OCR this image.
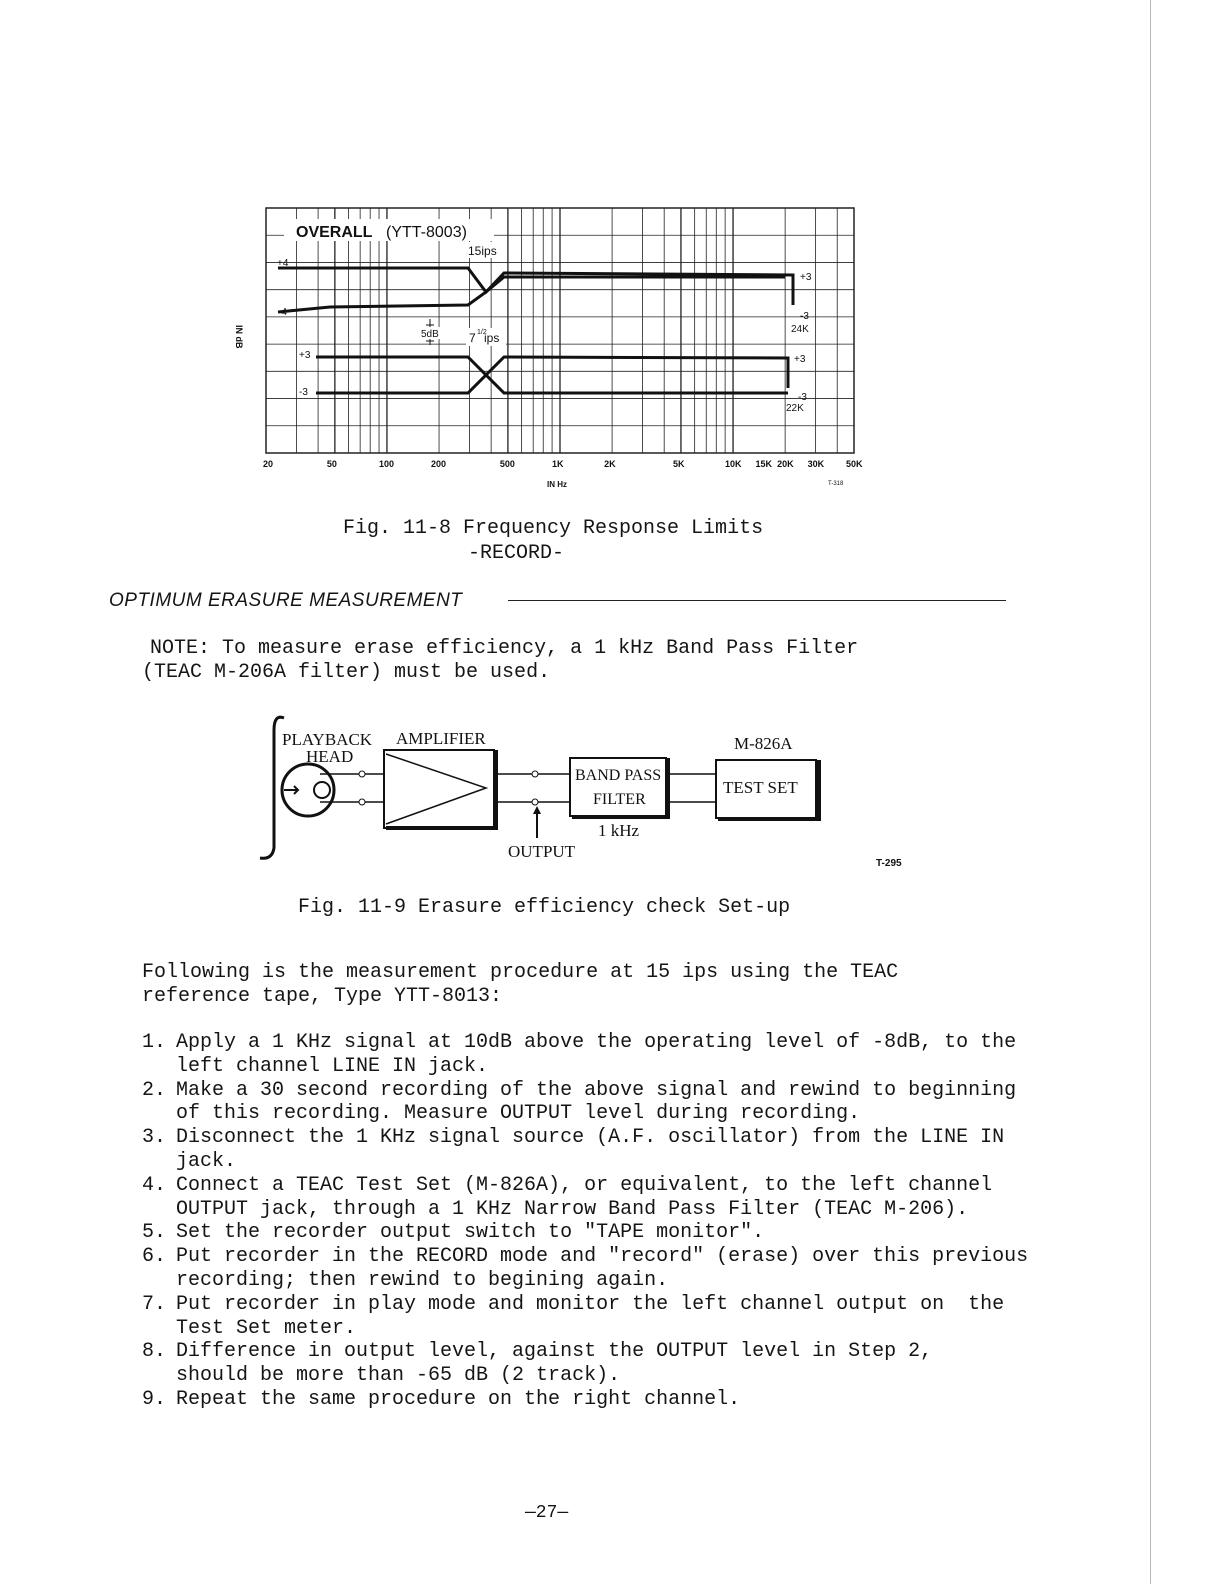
OVERALL (YTT-8003)
15ips
+4
-4
+3
-3
24K
7 1/2
ips
+3
-3
+3
-3
22K
5dB
IN dB
20	50	100	200	500	1K	2K	5K	10K 15K 20K 30K 50K
IN Hz	T-318
Fig. 11-8 Frequency Response Limits
-RECORD-
OPTIMUM ERASURE MEASUREMENT
NOTE: To measure erase efficiency, a 1 kHz Band Pass Filter
(TEAC M-206A filter) must be used.
PLAYBACK
HEAD
AMPLIFIER
OUTPUT
BAND PASS
FILTER
1 kHz
TEST SET
M-826A
T-295
Fig. 11-9 Erasure efficiency check Set-up
Following is the measurement procedure at 15 ips using the TEAC
reference tape, Type YTT-8013:
1. Apply a 1 KHz signal at 10dB above the operating level of -8dB, to the
left channel LINE IN jack.
2. Make a 30 second recording of the above signal and rewind to beginning
of this recording. Measure OUTPUT level during recording.
3. Disconnect the 1 KHz signal source (A.F. oscillator) from the LINE IN
jack.
4. Connect a TEAC Test Set (M-826A), or equivalent, to the left channel
OUTPUT jack, through a 1 KHz Narrow Band Pass Filter (TEAC M-206).
5. Set the recorder output switch to "TAPE monitor".
6. Put recorder in the RECORD mode and "record" (erase) over this previous
recording; then rewind to begining again.
7. Put recorder in play mode and monitor the left channel output on  the
Test Set meter.
8. Difference in output level, against the OUTPUT level in Step 2,
should be more than -65 dB (2 track).
9. Repeat the same procedure on the right channel.
—27—
